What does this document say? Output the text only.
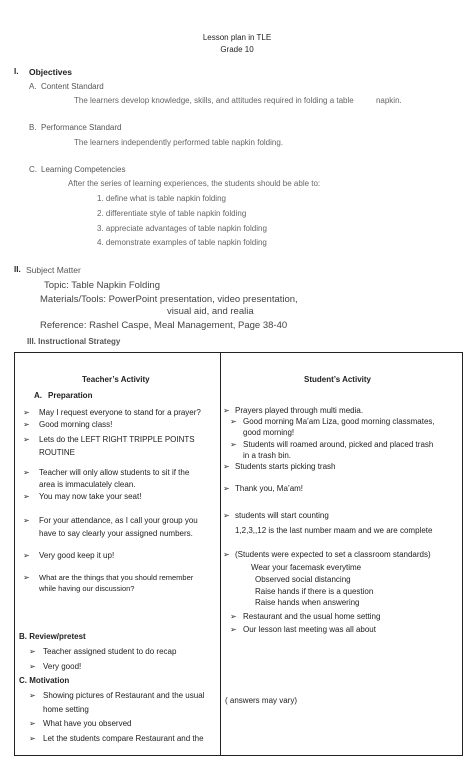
Lesson plan in TLE
Grade 10
I. Objectives
A. Content Standard
The learners develop knowledge, skills, and attitudes required in folding a table          napkin.
B. Performance Standard
The learners independently performed table napkin folding.
C. Learning Competencies
After the series of learning experiences, the students should be able to:
1. define what is table napkin folding
2. differentiate style of table napkin folding
3. appreciate advantages of table napkin folding
4. demonstrate examples of table napkin folding
II. Subject Matter
Topic: Table Napkin Folding
Materials/Tools: PowerPoint presentation, video presentation,
visual aid, and realia
Reference: Rashel Caspe, Meal Management, Page 38-40
III. Instructional Strategy
Teacher’s Activity
A. Preparation
➢ May I request everyone to stand for a prayer?
➢ Good morning class!
➢ Lets do the LEFT RIGHT TRIPPLE POINTS
ROUTINE
➢ Teacher will only allow students to sit if the
area is immaculately clean.
➢ You may now take your seat!
➢ For your attendance, as I call your group you
have to say clearly your assigned numbers.
➢ Very good keep it up!
➢ What are the things that you should remember
while having our discussion?
B. Review/pretest
➢ Teacher assigned student to do recap
➢ Very good!
C. Motivation
➢ Showing pictures of Restaurant and the usual
home setting
➢ What have you observed
➢ Let the students compare Restaurant and the
Student’s Activity
➢ Prayers played through multi media.
➢ Good morning Ma’am Liza, good morning classmates,
good morning!
➢ Students will roamed around, picked and placed trash
in a trash bin.
➢ Students starts picking trash
➢ Thank you, Ma’am!
➢ students will start counting
1,2,3,,12 is the last number maam and we are complete
➢ (Students were expected to set a classroom standards)
Wear your facemask everytime
Observed social distancing
Raise hands if there is a question
Raise hands when answering
➢ Restaurant and the usual home setting
➢ Our lesson last meeting was all about
( answers may vary)
